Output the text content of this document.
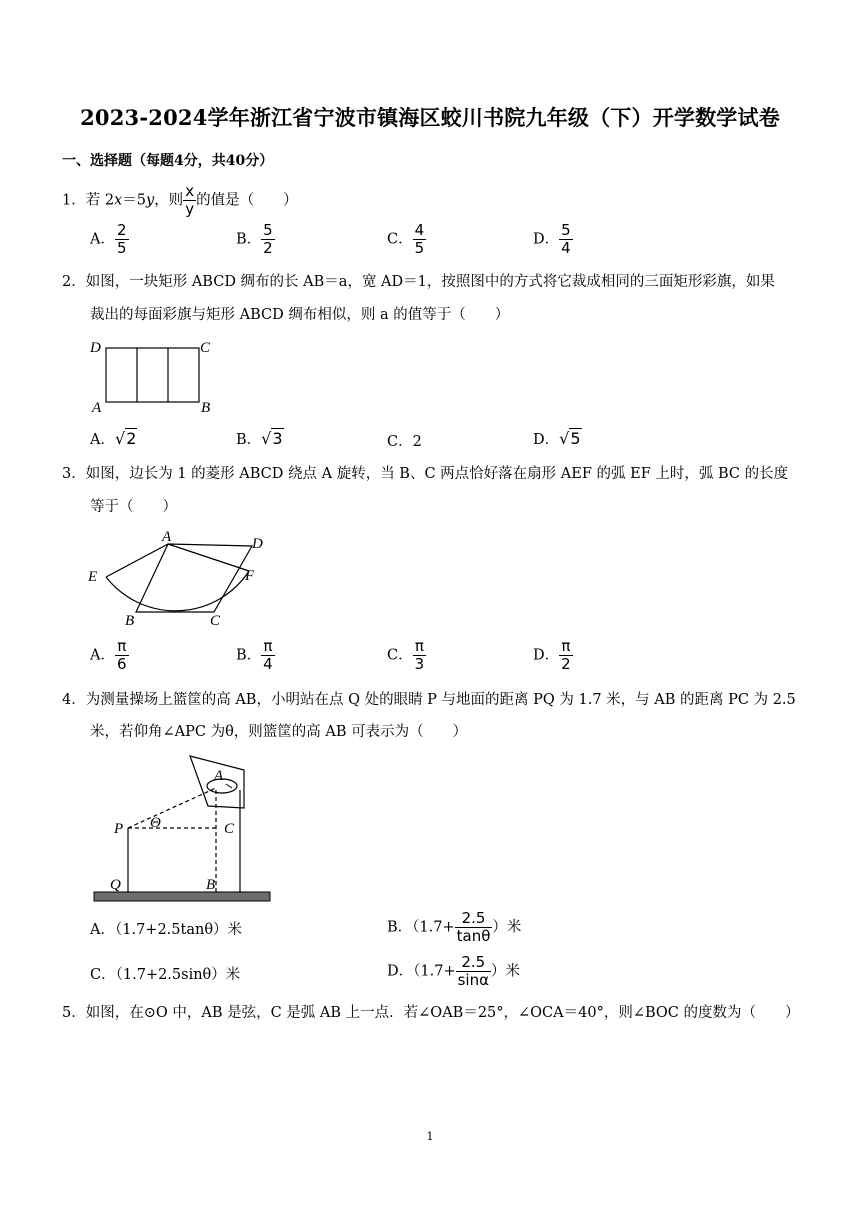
2023-2024学年浙江省宁波市镇海区蛟川书院九年级（下）开学数学试卷
一、选择题（每题4分，共40分）
1．若 2x＝5y，则 $\frac{x}{y}$ 的值是（　　）
A． $\frac{2}{5}$	B． $\frac{5}{2}$	C． $\frac{4}{5}$	D． $\frac{5}{4}$
2．如图，一块矩形 ABCD 绸布的长 AB＝a，宽 AD＝1，按照图中的方式将它裁成相同的三面矩形彩旗，如果
裁出的每面彩旗与矩形 ABCD 绸布相似，则 a 的值等于（　　）
D	C
A	B
A．√2	B．√3	C．2	D．√5
3．如图，边长为 1 的菱形 ABCD 绕点 A 旋转，当 B、C 两点恰好落在扇形 AEF 的弧 EF 上时，弧 BC 的长度
等于（　　）
A	D
E	F
B	C
A． $\frac{\pi}{6}$	B． $\frac{\pi}{4}$	C． $\frac{\pi}{3}$	D． $\frac{\pi}{2}$
4．为测量操场上篮筐的高 AB，小明站在点 Q 处的眼睛 P 与地面的距离 PQ 为 1.7 米，与 AB 的距离 PC 为 2.5
米，若仰角∠APC 为θ，则篮筐的高 AB 可表示为（　　）
A
P Θ	C
Q	B
A．（1.7+2.5tanθ）米	B．（$1.7+ \frac{2.5}{\tan\theta}$ ）米
C．（1.7+2.5sinθ）米	D．（$1.7+ \frac{2.5}{\sin\alpha}$ ）米
5．如图，在⊙O 中，AB 是弦，C 是弧 AB 上一点．若∠OAB＝25°，∠OCA＝40°，则∠BOC 的度数为（　　）
1
